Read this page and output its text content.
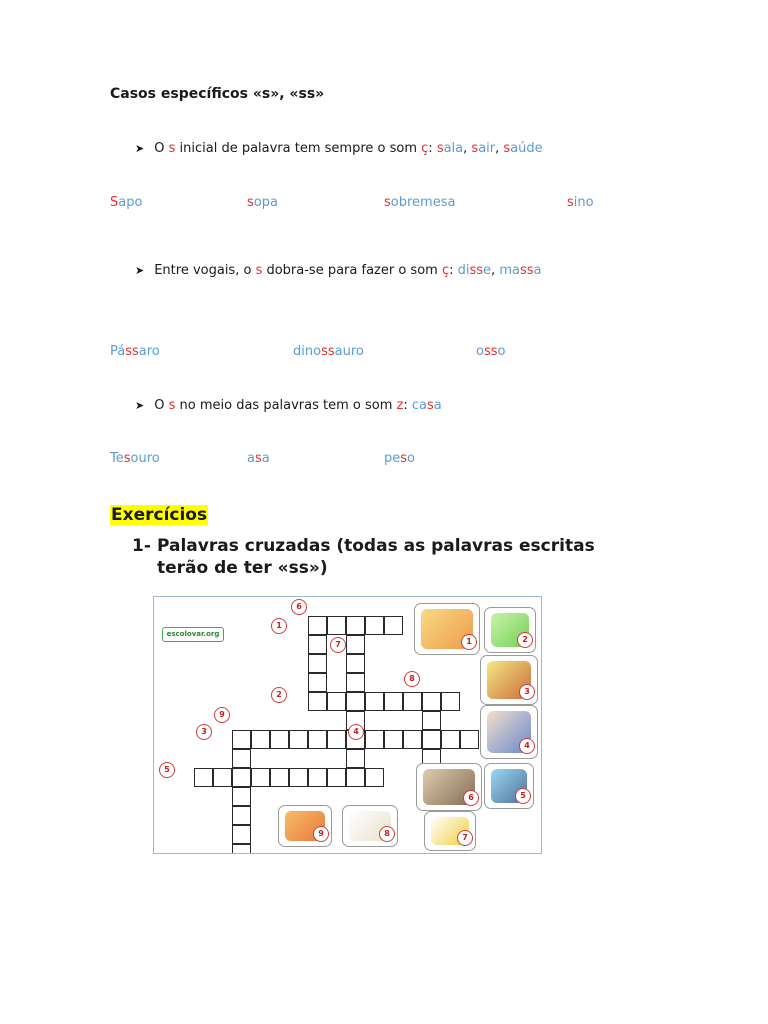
Casos específicos «s», «ss»
➤ O s inicial de palavra tem sempre o som ç: sala, sair, saúde
Sapo	sopa	sobremesa	sino
➤ Entre vogais, o s dobra-se para fazer o som ç: disse, massa
Pássaro	dinossauro	osso
➤ O s no meio das palavras tem o som z: casa
Tesouro	asa	peso
Exercícios
1- Palavras cruzadas (todas as palavras escritas
terão de ter «ss»)
escolovar.org
6
1
7
8
2
9
3	4
5
1	2
3
4
5
6
7
8
9
